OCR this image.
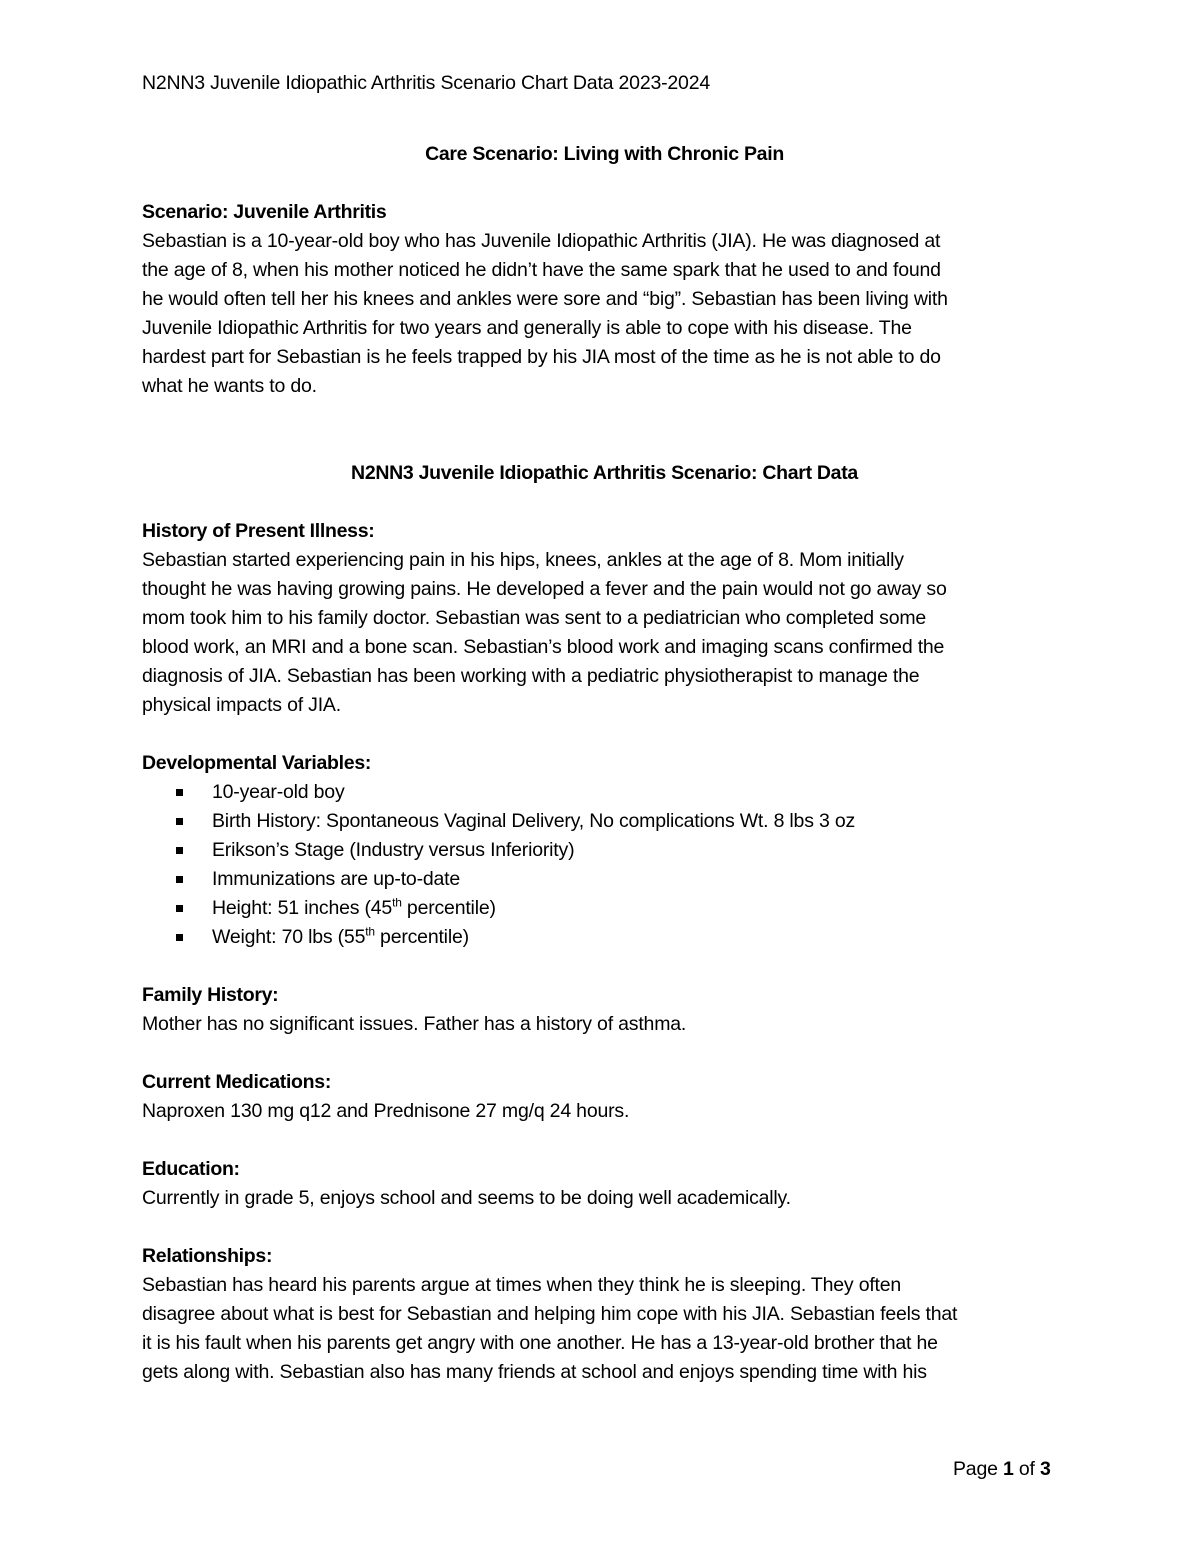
N2NN3 Juvenile Idiopathic Arthritis Scenario Chart Data 2023-2024

Care Scenario: Living with Chronic Pain

Scenario: Juvenile Arthritis

Sebastian is a 10-year-old boy who has Juvenile Idiopathic Arthritis (JIA). He was diagnosed at
the age of 8, when his mother noticed he didn’t have the same spark that he used to and found
he would often tell her his knees and ankles were sore and “big”. Sebastian has been living with
Juvenile Idiopathic Arthritis for two years and generally is able to cope with his disease. The
hardest part for Sebastian is he feels trapped by his JIA most of the time as he is not able to do
what he wants to do.

N2NN3 Juvenile Idiopathic Arthritis Scenario: Chart Data

History of Present Illness:

Sebastian started experiencing pain in his hips, knees, ankles at the age of 8. Mom initially
thought he was having growing pains. He developed a fever and the pain would not go away so
mom took him to his family doctor. Sebastian was sent to a pediatrician who completed some
blood work, an MRI and a bone scan. Sebastian’s blood work and imaging scans confirmed the
diagnosis of JIA. Sebastian has been working with a pediatric physiotherapist to manage the
physical impacts of JIA.

Developmental Variables:

10-year-old boy
Birth History: Spontaneous Vaginal Delivery, No complications Wt. 8 lbs 3 oz
Erikson’s Stage (Industry versus Inferiority)
Immunizations are up-to-date
Height: 51 inches (45th percentile)
Weight: 70 lbs (55th percentile)

Family History:

Mother has no significant issues. Father has a history of asthma.

Current Medications:

Naproxen 130 mg q12 and Prednisone 27 mg/q 24 hours.

Education:

Currently in grade 5, enjoys school and seems to be doing well academically.

Relationships:

Sebastian has heard his parents argue at times when they think he is sleeping. They often
disagree about what is best for Sebastian and helping him cope with his JIA. Sebastian feels that
it is his fault when his parents get angry with one another. He has a 13-year-old brother that he
gets along with. Sebastian also has many friends at school and enjoys spending time with his
Page 1 of 3
